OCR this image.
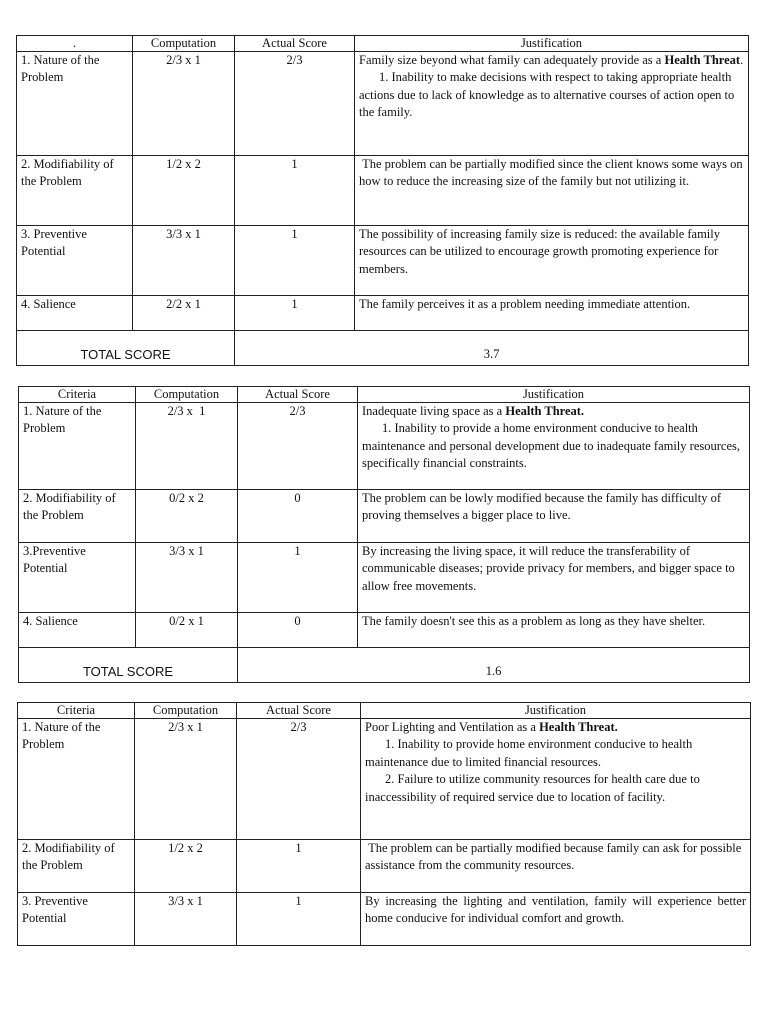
.	Computation	Actual Score	Justification
1. Nature of the Problem	2/3 x 1	2/3	Family size beyond what family can adequately provide as a Health Threat.

1. Inability to make decisions with respect to taking appropriate health actions due to lack of knowledge as to alternative courses of action open to the family.

2. Modifiability of the Problem	1/2 x 2	1	The problem can be partially modified since the client knows some ways on how to reduce the increasing size of the family but not utilizing it.
3. Preventive Potential	3/3 x 1	1	The possibility of increasing family size is reduced: the available family resources can be utilized to encourage growth promoting experience for members.
4. Salience	2/2 x 1	1	The family perceives it as a problem needing immediate attention.
TOTAL SCORE		3.7	
Criteria	Computation	Actual Score	Justification
1. Nature of the Problem	2/3 x  1	2/3	Inadequate living space as a Health Threat.

1. Inability to provide a home environment conducive to health maintenance and personal development due to inadequate family resources, specifically financial constraints.

2. Modifiability of the Problem	0/2 x 2	0	The problem can be lowly modified because the family has difficulty of proving themselves a bigger place to live.
3.Preventive Potential	3/3 x 1	1	By increasing the living space, it will reduce the transferability of communicable diseases; provide privacy for members, and bigger space to allow free movements.
4. Salience	0/2 x 1	0	The family doesn't see this as a problem as long as they have shelter.
TOTAL SCORE		1.6	
Criteria	Computation	Actual Score	Justification
1. Nature of the Problem	2/3 x 1	2/3	Poor Lighting and Ventilation as a Health Threat.

1. Inability to provide home environment conducive to health maintenance due to limited financial resources.

2. Failure to utilize community resources for health care due to inaccessibility of required service due to location of facility.

2. Modifiability of the Problem	1/2 x 2	1	The problem can be partially modified because family can ask for possible assistance from the community resources.
3. Preventive Potential	3/3 x 1	1	By increasing the lighting and ventilation, family will experience better home conducive for individual comfort and growth.
